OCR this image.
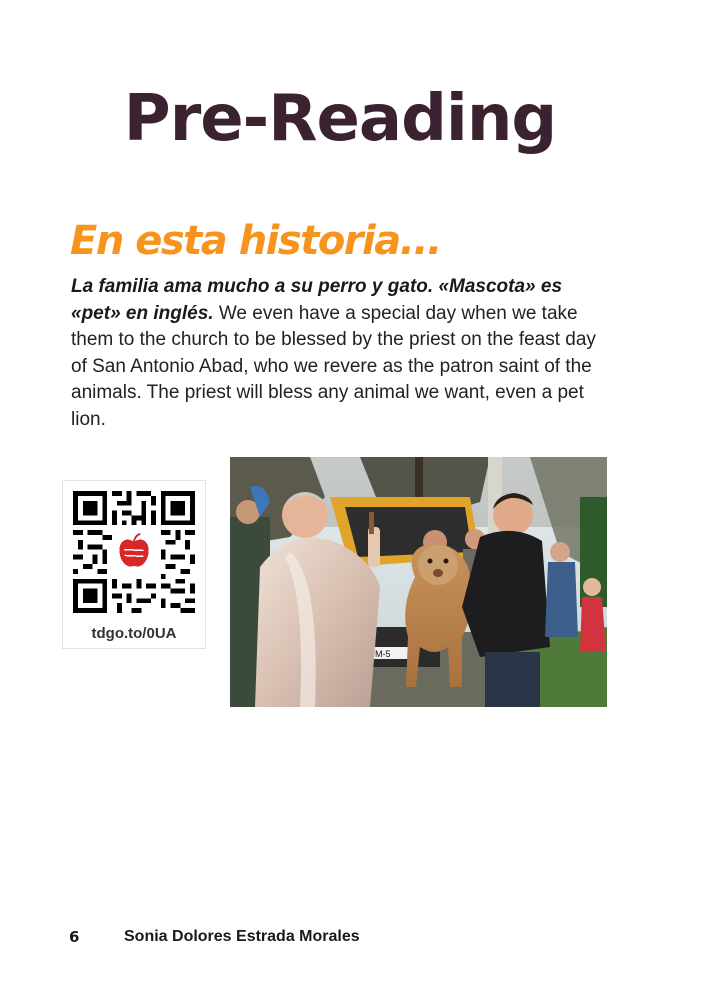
Pre-Reading
En esta historia...
La familia ama mucho a su perro y gato. «Mascota» es «pet» en inglés. We even have a special day when we take them to the church to be blessed by the priest on the feast day of San Antonio Abad, who we revere as the patron saint of the animals. The priest will bless any animal we want, even a pet lion.
tdgo.to/0UA
M-5
6	Sonia Dolores Estrada Morales
